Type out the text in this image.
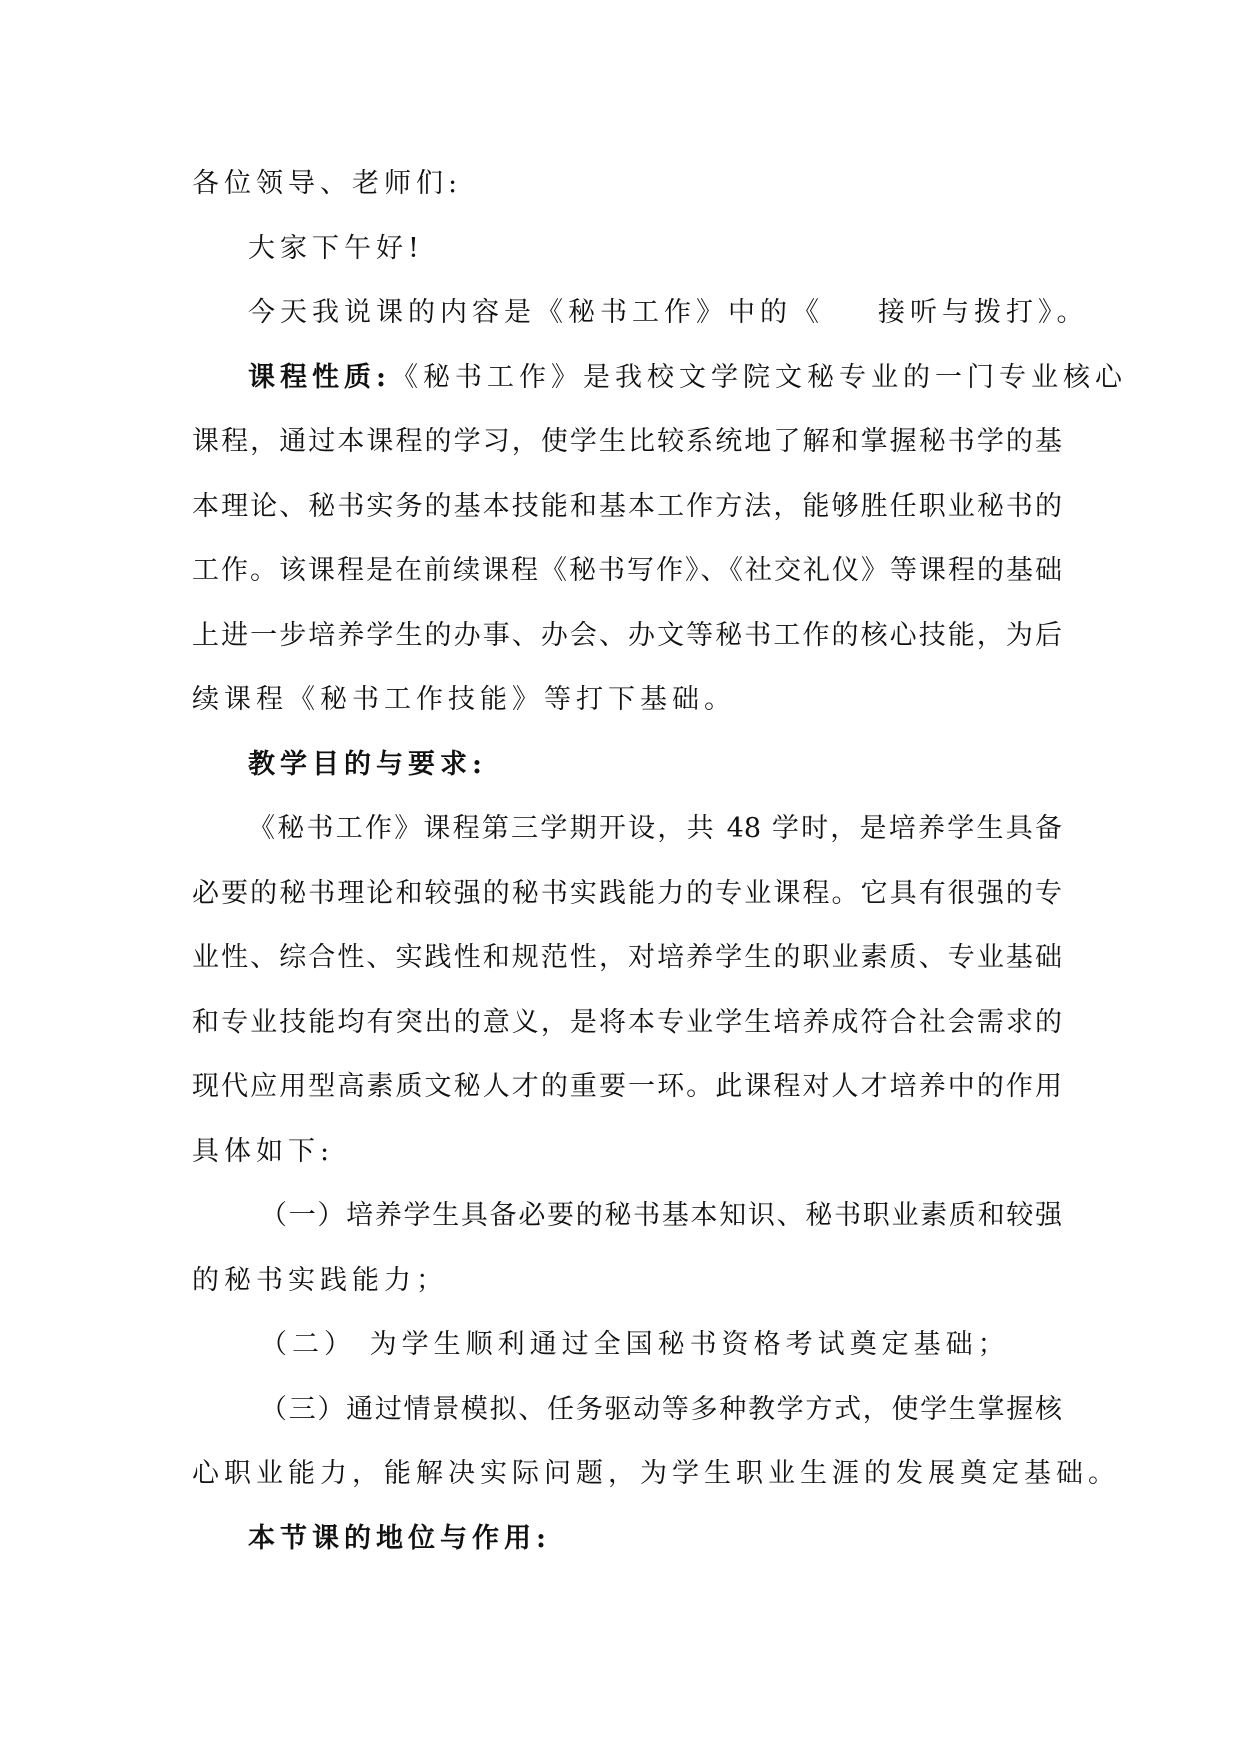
各位领导、老师们:
大家下午好!
今天我说课的内容是《秘书工作》中的《 接听与拨打》。
课程性质:《秘书工作》是我校文学院文秘专业的一门专业核心
课程，通过本课程的学习，使学生比较系统地了解和掌握秘书学的基
本理论、秘书实务的基本技能和基本工作方法，能够胜任职业秘书的
工作。该课程是在前续课程《秘书写作》、《社交礼仪》等课程的基础
上进一步培养学生的办事、办会、办文等秘书工作的核心技能，为后
续课程《秘书工作技能》等打下基础。
教学目的与要求:
《秘书工作》课程第三学期开设，共 48 学时，是培养学生具备
必要的秘书理论和较强的秘书实践能力的专业课程。它具有很强的专
业性、综合性、实践性和规范性，对培养学生的职业素质、专业基础
和专业技能均有突出的意义，是将本专业学生培养成符合社会需求的
现代应用型高素质文秘人才的重要一环。此课程对人才培养中的作用
具体如下:
（一）培养学生具备必要的秘书基本知识、秘书职业素质和较强
的秘书实践能力；
（二） 为学生顺利通过全国秘书资格考试奠定基础；
（三）通过情景模拟、任务驱动等多种教学方式，使学生掌握核
心职业能力，能解决实际问题，为学生职业生涯的发展奠定基础。
本节课的地位与作用:
